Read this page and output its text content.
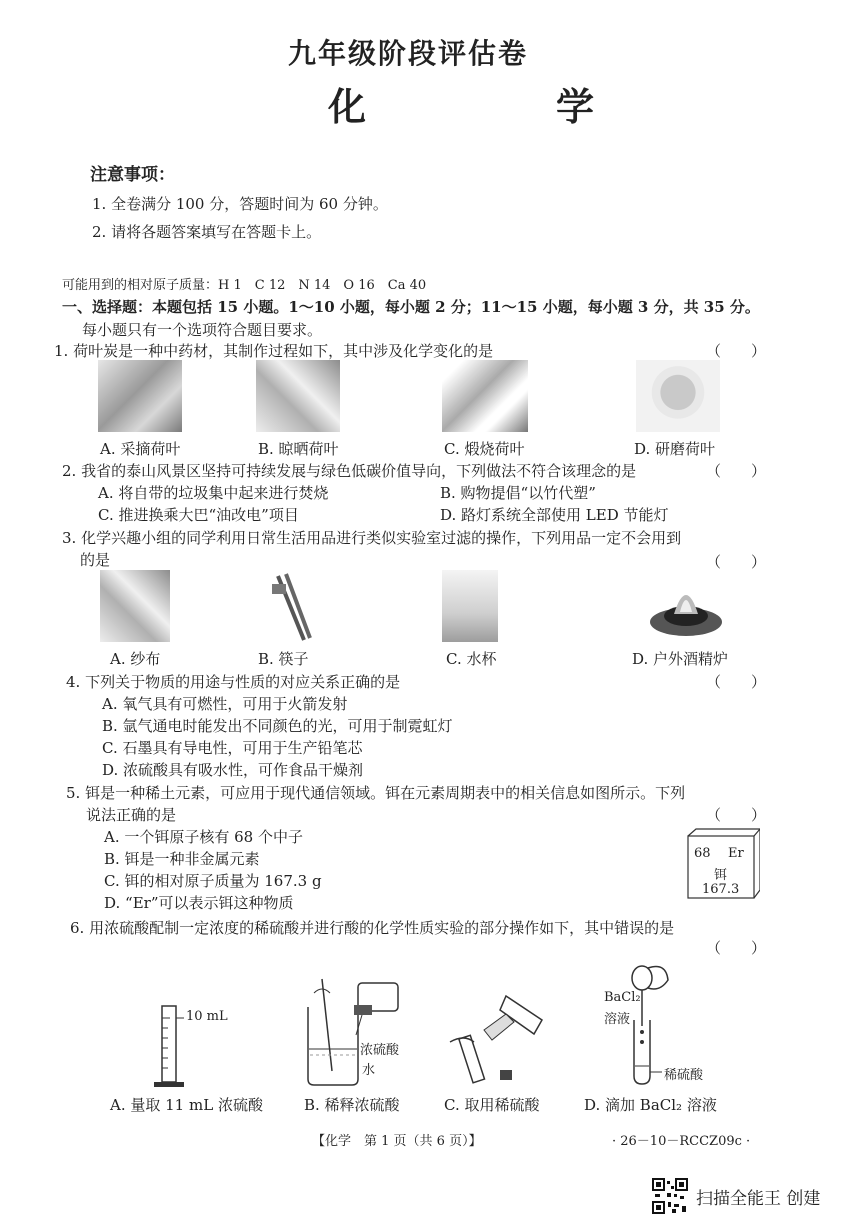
九年级阶段评估卷
化　　学
注意事项：
1. 全卷满分 100 分，答题时间为 60 分钟。
2. 请将各题答案填写在答题卡上。
可能用到的相对原子质量：H 1　C 12　N 14　O 16　Ca 40
一、选择题：本题包括 15 小题。1～10 小题，每小题 2 分；11～15 小题，每小题 3 分，共 35 分。
每小题只有一个选项符合题目要求。
1. 荷叶炭是一种中药材，其制作过程如下，其中涉及化学变化的是	（　　）
A. 采摘荷叶	B. 晾晒荷叶	C. 煅烧荷叶	D. 研磨荷叶
2. 我省的泰山风景区坚持可持续发展与绿色低碳价值导向，下列做法不符合该理念的是	（　　）
A. 将自带的垃圾集中起来进行焚烧	B. 购物提倡“以竹代塑”
C. 推进换乘大巴“油改电”项目	D. 路灯系统全部使用 LED 节能灯
3. 化学兴趣小组的同学利用日常生活用品进行类似实验室过滤的操作，下列用品一定不会用到
的是	（　　）
A. 纱布	B. 筷子	C. 水杯	D. 户外酒精炉
4. 下列关于物质的用途与性质的对应关系正确的是	（　　）
A. 氧气具有可燃性，可用于火箭发射
B. 氩气通电时能发出不同颜色的光，可用于制霓虹灯
C. 石墨具有导电性，可用于生产铅笔芯
D. 浓硫酸具有吸水性，可作食品干燥剂
5. 铒是一种稀土元素，可应用于现代通信领域。铒在元素周期表中的相关信息如图所示。下列
说法正确的是	（　　）
A. 一个铒原子核有 68 个中子
B. 铒是一种非金属元素
C. 铒的相对原子质量为 167.3 g
D. “Er”可以表示铒这种物质
68 Er
铒
167.3
6. 用浓硫酸配制一定浓度的稀硫酸并进行酸的化学性质实验的部分操作如下，其中错误的是
（　　）
10 mL
浓硫酸
水
BaCl₂
溶液
稀硫酸
A. 量取 11 mL 浓硫酸	B. 稀释浓硫酸	C. 取用稀硫酸	D. 滴加 BaCl₂ 溶液
【化学　第 1 页（共 6 页）】	· 26－10－RCCZ09c ·
扫描全能王 创建
